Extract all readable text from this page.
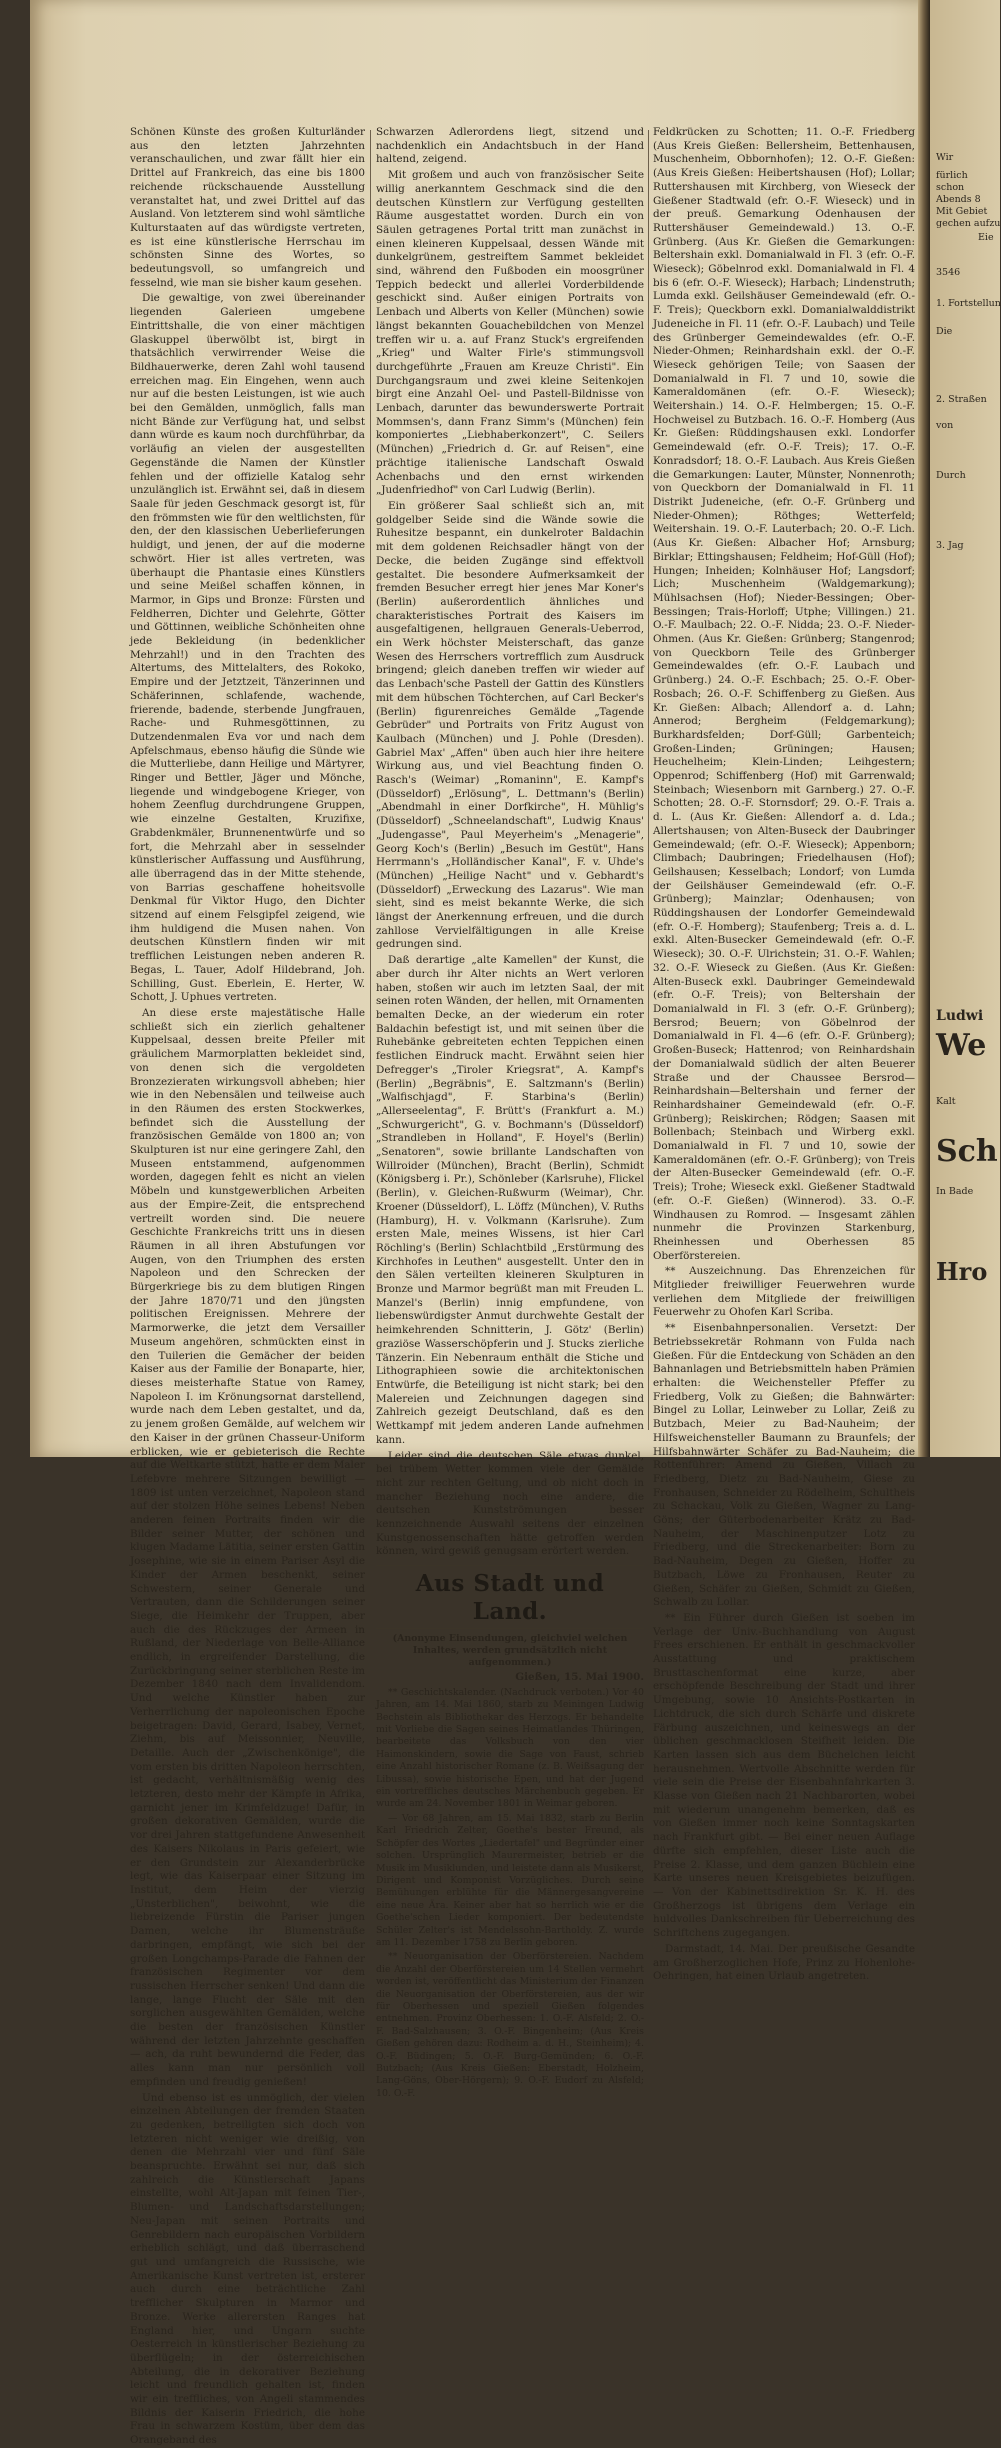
Schönen Künste des großen Kulturländer aus den letzten Jahrzehnten veranschaulichen, und zwar fällt hier ein Drittel auf Frankreich, das eine bis 1800 reichende rückschauende Ausstellung veranstaltet hat, und zwei Drittel auf das Ausland. Von letzterem sind wohl sämtliche Kulturstaaten auf das würdigste vertreten, es ist eine künstlerische Herrschau im schönsten Sinne des Wortes, so bedeutungsvoll, so umfangreich und fesselnd, wie man sie bisher kaum gesehen.

Die gewaltige, von zwei übereinander liegenden Galerieen umgebene Eintrittshalle, die von einer mächtigen Glaskuppel überwölbt ist, birgt in thatsächlich verwirrender Weise die Bildhauerwerke, deren Zahl wohl tausend erreichen mag. Ein Eingehen, wenn auch nur auf die besten Leistungen, ist wie auch bei den Gemälden, unmöglich, falls man nicht Bände zur Verfügung hat, und selbst dann würde es kaum noch durchführbar, da vorläufig an vielen der ausgestellten Gegenstände die Namen der Künstler fehlen und der offizielle Katalog sehr unzulänglich ist. Erwähnt sei, daß in diesem Saale für jeden Geschmack gesorgt ist, für den frömmsten wie für den weltlichsten, für den, der den klassischen Ueberlieferungen huldigt, und jenen, der auf die moderne schwört. Hier ist alles vertreten, was überhaupt die Phantasie eines Künstlers und seine Meißel schaffen können, in Marmor, in Gips und Bronze: Fürsten und Feldherren, Dichter und Gelehrte, Götter und Göttinnen, weibliche Schönheiten ohne jede Bekleidung (in bedenklicher Mehrzahl!) und in den Trachten des Altertums, des Mittelalters, des Rokoko, Empire und der Jetztzeit, Tänzerinnen und Schäferinnen, schlafende, wachende, frierende, badende, sterbende Jungfrauen, Rache- und Ruhmesgöttinnen, zu Dutzendenmalen Eva vor und nach dem Apfelschmaus, ebenso häufig die Sünde wie die Mutterliebe, dann Heilige und Märtyrer, Ringer und Bettler, Jäger und Mönche, liegende und windgebogene Krieger, von hohem Zeenflug durchdrungene Gruppen, wie einzelne Gestalten, Kruzifixe, Grabdenkmäler, Brunnenentwürfe und so fort, die Mehrzahl aber in sesselnder künstlerischer Auffassung und Ausführung, alle überragend das in der Mitte stehende, von Barrias geschaffene hoheitsvolle Denkmal für Viktor Hugo, den Dichter sitzend auf einem Felsgipfel zeigend, wie ihm huldigend die Musen nahen. Von deutschen Künstlern finden wir mit trefflichen Leistungen neben anderen R. Begas, L. Tauer, Adolf Hildebrand, Joh. Schilling, Gust. Eberlein, E. Herter, W. Schott, J. Uphues vertreten.

An diese erste majestätische Halle schließt sich ein zierlich gehaltener Kuppelsaal, dessen breite Pfeiler mit gräulichem Marmorplatten bekleidet sind, von denen sich die vergoldeten Bronzezieraten wirkungsvoll abheben; hier wie in den Nebensälen und teilweise auch in den Räumen des ersten Stockwerkes, befindet sich die Ausstellung der französischen Gemälde von 1800 an; von Skulpturen ist nur eine geringere Zahl, den Museen entstammend, aufgenommen worden, dagegen fehlt es nicht an vielen Möbeln und kunstgewerblichen Arbeiten aus der Empire-Zeit, die entsprechend vertreilt worden sind. Die neuere Geschichte Frankreichs tritt uns in diesen Räumen in all ihren Abstufungen vor Augen, von den Triumphen des ersten Napoleon und den Schrecken der Bürgerkriege bis zu dem blutigen Ringen der Jahre 1870/71 und den jüngsten politischen Ereignissen. Mehrere der Marmorwerke, die jetzt dem Versailler Museum angehören, schmückten einst in den Tuilerien die Gemächer der beiden Kaiser aus der Familie der Bonaparte, hier, dieses meisterhafte Statue von Ramey, Napoleon I. im Krönungsornat darstellend, wurde nach dem Leben gestaltet, und da, zu jenem großen Gemälde, auf welchem wir den Kaiser in der grünen Chasseur-Uniform erblicken, wie er gebieterisch die Rechte auf die Weltkarte stützt, hatte er dem Maler Lefebvre mehrere Sitzungen bewilligt — 1809 ist unten verzeichnet, Napoleon stand auf der stolzen Höhe seines Lebens! Neben anderen feinen Portraits finden wir die Bilder seiner Mutter, der schönen und klugen Madame Lätitia, seiner ersten Gattin Josephine, wie sie in einem Pariser Asyl die Kinder der Armen beschenkt, seiner Schwestern, seiner Generale und Vertrauten, dann die Schilderungen seiner Siege, die Heimkehr der Truppen, aber auch die des Rückzuges der Armeen in Rußland, der Niederlage von Belle-Alliance endlich, in ergreifender Darstellung, die Zurückbringung seiner sterblichen Reste im Dezember 1840 nach dem Invalidendom. Und welche Künstler haben zur Verherrlichung der napoleonischen Epoche beigetragen: David, Gerard, Isabey, Vernet, Ziehm, bis auf Meissonnier, Neuville, Detaille. Auch der „Zwischenkönige", die vom ersten bis dritten Napoleon herrschten, ist gedacht, verhältnismäßig wenig des letzteren, desto mehr der Kämpfe in Afrika, garnicht jener im Krimfeldzuge! Dafür, in großen dekorativen Gemälden, wurde die vor drei Jahren stattgefundene Anwesenheit des Kaisers Nikolaus in Paris gefeiert, wie er den Grundstein zur Alexanderbrücke legt, wie das Kaiserpaar einer Sitzung im Institut, dem Heim der vierzig „Unsterblichen", beiwohnt, wie die liebreizende Fürstin die Pariser jungen Damen, welche ihr Blumensträuße darbringen, empfängt, wie sich bei der großen Longchamps-Parade die Fahnen der französischen Regimenter vor dem russischen Herrscher senken! Und dann die lange, lange Flucht der Säle mit den sorglichen ausgewählten Gemälden, welche die besten der französischen Künstler während der letzten Jahrzehnte geschaffen — ach, da ruht bewundernd die Feder, das alles kann man nur persönlich voll empfinden und freudig genießen!

Und ebenso ist es unmöglich, der vielen einzelnen Abteilungen der fremden Staaten zu gedenken, betreiligten sich doch von letzteren nicht weniger wie dreißig, von denen die Mehrzahl vier und fünf Säle beanspruchte. Erwähnt sei nur, daß sich zahlreich die Künstlerschaft Japans einstellte, wohl Alt-Japan mit feinen Tier-, Blumen- und Landschaftsdarstellungen; Neu-Japan mit seinen Portraits und Genrebildern nach europäischen Vorbildern erheblich schlägt, und daß überraschend gut und umfangreich die Russische, wie Amerikanische Kunst vertreten ist, ersterer auch durch eine beträchtliche Zahl trefflicher Skulpturen in Marmor und Bronze. Werke allerersten Ranges hat England hier, und Ungarn suchte Oesterreich in künstlerischer Beziehung zu überflügeln; in der österreichischen Abteilung, die in dekorativer Beziehung leicht und freundlich gehalten ist, finden wir ein treffliches, von Angeli stammendes Bildnis der Kaiserin Friedrich, die hohe Frau in schwarzem Kostüm, über dem das Orangeband des

Schwarzen Adlerordens liegt, sitzend und nachdenklich ein Andachtsbuch in der Hand haltend, zeigend.

Mit großem und auch von französischer Seite willig anerkanntem Geschmack sind die den deutschen Künstlern zur Verfügung gestellten Räume ausgestattet worden. Durch ein von Säulen getragenes Portal tritt man zunächst in einen kleineren Kuppelsaal, dessen Wände mit dunkelgrünem, gestreiftem Sammet bekleidet sind, während den Fußboden ein moosgrüner Teppich bedeckt und allerlei Vorderbildende geschickt sind. Außer einigen Portraits von Lenbach und Alberts von Keller (München) sowie längst bekannten Gouachebildchen von Menzel treffen wir u. a. auf Franz Stuck's ergreifenden „Krieg" und Walter Firle's stimmungsvoll durchgeführte „Frauen am Kreuze Christi". Ein Durchgangsraum und zwei kleine Seitenkojen birgt eine Anzahl Oel- und Pastell-Bildnisse von Lenbach, darunter das bewunderswerte Portrait Mommsen's, dann Franz Simm's (München) fein komponiertes „Liebhaberkonzert", C. Seilers (München) „Friedrich d. Gr. auf Reisen", eine prächtige italienische Landschaft Oswald Achenbachs und den ernst wirkenden „Judenfriedhof" von Carl Ludwig (Berlin).

Ein größerer Saal schließt sich an, mit goldgelber Seide sind die Wände sowie die Ruhesitze bespannt, ein dunkelroter Baldachin mit dem goldenen Reichsadler hängt von der Decke, die beiden Zugänge sind effektvoll gestaltet. Die besondere Aufmerksamkeit der fremden Besucher erregt hier jenes Mar Koner's (Berlin) außerordentlich ähnliches und charakteristisches Portrait des Kaisers im ausgefaltigenen, hellgrauen Generals-Ueberrod, ein Werk höchster Meisterschaft, das ganze Wesen des Herrschers vortrefflich zum Ausdruck bringend; gleich daneben treffen wir wieder auf das Lenbach'sche Pastell der Gattin des Künstlers mit dem hübschen Töchterchen, auf Carl Becker's (Berlin) figurenreiches Gemälde „Tagende Gebrüder" und Portraits von Fritz August von Kaulbach (München) und J. Pohle (Dresden). Gabriel Max' „Affen" üben auch hier ihre heitere Wirkung aus, und viel Beachtung finden O. Rasch's (Weimar) „Romaninn", E. Kampf's (Düsseldorf) „Erlösung", L. Dettmann's (Berlin) „Abendmahl in einer Dorfkirche", H. Mühlig's (Düsseldorf) „Schneelandschaft", Ludwig Knaus' „Judengasse", Paul Meyerheim's „Menagerie", Georg Koch's (Berlin) „Besuch im Gestüt", Hans Herrmann's „Holländischer Kanal", F. v. Uhde's (München) „Heilige Nacht" und v. Gebhardt's (Düsseldorf) „Erweckung des Lazarus". Wie man sieht, sind es meist bekannte Werke, die sich längst der Anerkennung erfreuen, und die durch zahllose Vervielfältigungen in alle Kreise gedrungen sind.

Daß derartige „alte Kamellen" der Kunst, die aber durch ihr Alter nichts an Wert verloren haben, stoßen wir auch im letzten Saal, der mit seinen roten Wänden, der hellen, mit Ornamenten bemalten Decke, an der wiederum ein roter Baldachin befestigt ist, und mit seinen über die Ruhebänke gebreiteten echten Teppichen einen festlichen Eindruck macht. Erwähnt seien hier Defregger's „Tiroler Kriegsrat", A. Kampf's (Berlin) „Begräbnis", E. Saltzmann's (Berlin) „Walfischjagd", F. Starbina's (Berlin) „Allerseelentag", F. Brütt's (Frankfurt a. M.) „Schwurgericht", G. v. Bochmann's (Düsseldorf) „Strandleben in Holland", F. Hoyel's (Berlin) „Senatoren", sowie brillante Landschaften von Willroider (München), Bracht (Berlin), Schmidt (Königsberg i. Pr.), Schönleber (Karlsruhe), Flickel (Berlin), v. Gleichen-Rußwurm (Weimar), Chr. Kroener (Düsseldorf), L. Löffz (München), V. Ruths (Hamburg), H. v. Volkmann (Karlsruhe). Zum ersten Male, meines Wissens, ist hier Carl Röchling's (Berlin) Schlachtbild „Erstürmung des Kirchhofes in Leuthen" ausgestellt. Unter den in den Sälen verteilten kleineren Skulpturen in Bronze und Marmor begrüßt man mit Freuden L. Manzel's (Berlin) innig empfundene, von liebenswürdigster Anmut durchwehte Gestalt der heimkehrenden Schnitterin, J. Götz' (Berlin) graziöse Wasserschöpferin und J. Stucks zierliche Tänzerin. Ein Nebenraum enthält die Stiche und Lithographieen sowie die architektonischen Entwürfe, die Beteiligung ist nicht stark; bei den Malereien und Zeichnungen dagegen sind Zahlreich gezeigt Deutschland, daß es den Wettkampf mit jedem anderen Lande aufnehmen kann.

Leider sind die deutschen Säle etwas dunkel, bei trübem Wetter kommen viele der Gemälde nicht zur rechten Geltung, und ob nicht doch in mancher Beziehung noch eine andere, die deutschen Kunstströmungen besser kennzeichnende Auswahl seitens der einzelnen Kunstgenossenschaften hätte getroffen werden können, wird gewiß genugsam erörtert werden.

Aus Stadt und Land.
(Anonyme Einsendungen, gleichviel welchen Inhaltes, werden grundsätzlich nicht aufgenommen.)
Gießen, 15. Mai 1900.

** Geschichtskalender. (Nachdruck verboten.) Vor 40 Jahren, am 14. Mai 1860, starb zu Meiningen Ludwig Bechstein als Bibliothekar des Herzogs. Er behandelte mit Vorliebe die Sagen seines Heimatlandes Thüringen, bearbeitete das Volksbuch von den vier Haimonskindern, sowie die Sage von Faust, schrieb eine Anzahl historischer Romane (z. B. Weißsagung der Libussa), sowie historische Epen, und hat der Jugend ein vortreffliches deutsches Märchenbuch gegeben. Er wurde am 24. November 1801 in Weimar geboren.

— Vor 68 Jahren, am 15. Mai 1832, starb zu Berlin Karl Friedrich Zelter, Goethe's bester Freund, als Schöpfer des Wortes „Liedertafel" und Begründer einer solchen. Ursprünglich Maurermeister, betrieb er die Musik im Musiklunden, und leistete dann als Musikerst, Dirigent und Komponist Vorzügliches. Durch seine Bemühungen erblühte für die Männergesangvereine eine neue Ära. Keiner aber hat so herrlich wie er die Goethe'schen Lieder komponiert. Der bedeutendste Schüler Zelter's ist Mendelssohn-Bartholdy. Z. wurde am 11. Dezember 1758 zu Berlin geboren.

** Neuorganisation der Oberförstereien. Nachdem die Anzahl der Oberförstereien um 14 Stellen vermehrt worden ist, veröffentlicht das Ministerium der Finanzen die Neuorganisation der Oberförstereien, aus der wir für Oberhessen und speziell Gießen folgendes entnehmen. Provinz Oberhessen: 1. O.-F. Alsfeld; 2. O.-F. Bad-Salzhausen; 3. O.-F. Bingenheim; (Aus Kreis Gießen gehören dazu: Rodheim a. d. H., Steinheim); 4. O.-F. Büdingen; 5. O.-F. Burg-Gemünden; 6. O.-F. Butzbach; (Aus Kreis Gießen: Eberstadt, Holzheim, Lang-Göns, Ober-Hörgern); 9. O.-F. Eudorf zu Alsfeld; 10. O.-F.

Feldkrücken zu Schotten; 11. O.-F. Friedberg (Aus Kreis Gießen: Bellersheim, Bettenhausen, Muschenheim, Obbornhofen); 12. O.-F. Gießen: (Aus Kreis Gießen: Heibertshausen (Hof); Lollar; Ruttershausen mit Kirchberg, von Wieseck der Gießener Stadtwald (efr. O.-F. Wieseck) und in der preuß. Gemarkung Odenhausen der Ruttershäuser Gemeindewald.) 13. O.-F. Grünberg. (Aus Kr. Gießen die Gemarkungen: Beltershain exkl. Domanialwald in Fl. 3 (efr. O.-F. Wieseck); Göbelnrod exkl. Domanialwald in Fl. 4 bis 6 (efr. O.-F. Wieseck); Harbach; Lindenstruth; Lumda exkl. Geilshäuser Gemeindewald (efr. O.-F. Treis); Queckborn exkl. Domanialwalddistrikt Judeneiche in Fl. 11 (efr. O.-F. Laubach) und Teile des Grünberger Gemeindewaldes (efr. O.-F. Nieder-Ohmen; Reinhardshain exkl. der O.-F. Wieseck gehörigen Teile; von Saasen der Domanialwald in Fl. 7 und 10, sowie die Kameraldomänen (efr. O.-F. Wieseck); Weitershain.) 14. O.-F. Helmbergen; 15. O.-F. Hochweisel zu Butzbach. 16. O.-F. Homberg (Aus Kr. Gießen: Rüddingshausen exkl. Londorfer Gemeindewald (efr. O.-F. Treis); 17. O.-F. Konradsdorf; 18. O.-F. Laubach. Aus Kreis Gießen die Gemarkungen: Lauter, Münster, Nonnenroth; von Queckborn der Domanialwald in Fl. 11 Distrikt Judeneiche, (efr. O.-F. Grünberg und Nieder-Ohmen); Röthges; Wetterfeld; Weitershain. 19. O.-F. Lauterbach; 20. O.-F. Lich. (Aus Kr. Gießen: Albacher Hof; Arnsburg; Birklar; Ettingshausen; Feldheim; Hof-Güll (Hof); Hungen; Inheiden; Kolnhäuser Hof; Langsdorf; Lich; Muschenheim (Waldgemarkung); Mühlsachsen (Hof); Nieder-Bessingen; Ober-Bessingen; Trais-Horloff; Utphe; Villingen.) 21. O.-F. Maulbach; 22. O.-F. Nidda; 23. O.-F. Nieder-Ohmen. (Aus Kr. Gießen: Grünberg; Stangenrod; von Queckborn Teile des Grünberger Gemeindewaldes (efr. O.-F. Laubach und Grünberg.) 24. O.-F. Eschbach; 25. O.-F. Ober-Rosbach; 26. O.-F. Schiffenberg zu Gießen. Aus Kr. Gießen: Albach; Allendorf a. d. Lahn; Annerod; Bergheim (Feldgemarkung); Burkhardsfelden; Dorf-Güll; Garbenteich; Großen-Linden; Grüningen; Hausen; Heuchelheim; Klein-Linden; Leihgestern; Oppenrod; Schiffenberg (Hof) mit Garrenwald; Steinbach; Wiesenborn mit Garnberg.) 27. O.-F. Schotten; 28. O.-F. Stornsdorf; 29. O.-F. Trais a. d. L. (Aus Kr. Gießen: Allendorf a. d. Lda.; Allertshausen; von Alten-Buseck der Daubringer Gemeindewald; (efr. O.-F. Wieseck); Appenborn; Climbach; Daubringen; Friedelhausen (Hof); Geilshausen; Kesselbach; Londorf; von Lumda der Geilshäuser Gemeindewald (efr. O.-F. Grünberg); Mainzlar; Odenhausen; von Rüddingshausen der Londorfer Gemeindewald (efr. O.-F. Homberg); Staufenberg; Treis a. d. L. exkl. Alten-Busecker Gemeindewald (efr. O.-F. Wieseck); 30. O.-F. Ulrichstein; 31. O.-F. Wahlen; 32. O.-F. Wieseck zu Gießen. (Aus Kr. Gießen: Alten-Buseck exkl. Daubringer Gemeindewald (efr. O.-F. Treis); von Beltershain der Domanialwald in Fl. 3 (efr. O.-F. Grünberg); Bersrod; Beuern; von Göbelnrod der Domanialwald in Fl. 4—6 (efr. O.-F. Grünberg); Großen-Buseck; Hattenrod; von Reinhardshain der Domanialwald südlich der alten Beuerer Straße und der Chaussee Bersrod—Reinhardshain—Beltershain und ferner der Reinhardshainer Gemeindewald (efr. O.-F. Grünberg); Reiskirchen; Rödgen; Saasen mit Bollenbach; Steinbach und Wirberg exkl. Domanialwald in Fl. 7 und 10, sowie der Kameraldomänen (efr. O.-F. Grünberg); von Treis der Alten-Busecker Gemeindewald (efr. O.-F. Treis); Trohe; Wieseck exkl. Gießener Stadtwald (efr. O.-F. Gießen) (Winnerod). 33. O.-F. Windhausen zu Romrod. — Insgesamt zählen nunmehr die Provinzen Starkenburg, Rheinhessen und Oberhessen 85 Oberförstereien.

** Auszeichnung. Das Ehrenzeichen für Mitglieder freiwilliger Feuerwehren wurde verliehen dem Mitgliede der freiwilligen Feuerwehr zu Ohofen Karl Scriba.

** Eisenbahnpersonalien. Versetzt: Der Betriebssekretär Rohmann von Fulda nach Gießen. Für die Entdeckung von Schäden an den Bahnanlagen und Betriebsmitteln haben Prämien erhalten: die Weichensteller Pfeffer zu Friedberg, Volk zu Gießen; die Bahnwärter: Bingel zu Lollar, Leinweber zu Lollar, Zeiß zu Butzbach, Meier zu Bad-Nauheim; der Hilfsweichensteller Baumann zu Braunfels; der Hilfsbahnwärter Schäfer zu Bad-Nauheim; die Rottenführer: Amend zu Gießen, Villach zu Friedberg, Dietz zu Bad-Nauheim, Giese zu Fronhausen, Schneider zu Rödelheim, Schultheis zu Schackau, Volk zu Gießen, Wagner zu Lang-Göns; der Güterbodenarbeiter Krätz zu Bad-Nauheim, der Maschinenputzer Lotz zu Friedberg, und die Streckenarbeiter: Born zu Bad-Nauheim, Degen zu Gießen, Hoffer zu Butzbach, Löwe zu Fronhausen, Reuter zu Gießen, Schäfer zu Gießen, Schmidt zu Gießen, Schwalb zu Lollar.

** Ein Führer durch Gießen ist soeben im Verlage der Univ.-Buchhandlung von August Frees erschienen. Er enthält in geschmackvoller Ausstattung und praktischem Brusttaschenformat eine kurze, aber erschöpfende Beschreibung der Stadt und ihrer Umgebung, sowie 10 Ansichts-Postkarten in Lichtdruck, die sich durch Schärfe und diskrete Färbung auszeichnen, und keineswegs an der üblichen geschmacklosen Steifheit leiden. Die Karten lassen sich aus dem Büchelchen leicht herausnehmen. Wertvolle Abschnitte werden für viele sein die Preise der Eisenbahnfahrkarten 3. Klasse von Gießen nach 21 Nachbarorten, wobei mit wiederum unangenehm bemerken, daß es von Gießen immer noch keine Sonntagskarten nach Frankfurt gibt. — Bei einer neuen Auflage dürfte sich empfehlen, dieser Liste auch die Preise 2. Klasse, und dem ganzen Büchlein eine Karte unseres neuen Kreisgebietes beizufügen. — Von der Kabinettsdirektion Sr. K. H. des Großherzogs ist übrigens dem Verlage ein huldvolles Dankschreiben für Ueberreichung des Schriftchens zugegangen.

Darmstadt, 14. Mai. Der preußische Gesandte am Großherzoglichen Hofe, Prinz zu Hohenlohe-Oehringen, hat einen Urlaub angetreten.

Wir
fürlich
schon
Abends 8
Mit Gebiet
gechen aufzu
Eie
3546
1. Fortstellun
Die
2. Straßen
von
Durch
3. Jag
Ludwi
We
Kalt
Sch
In Bade
Hro
